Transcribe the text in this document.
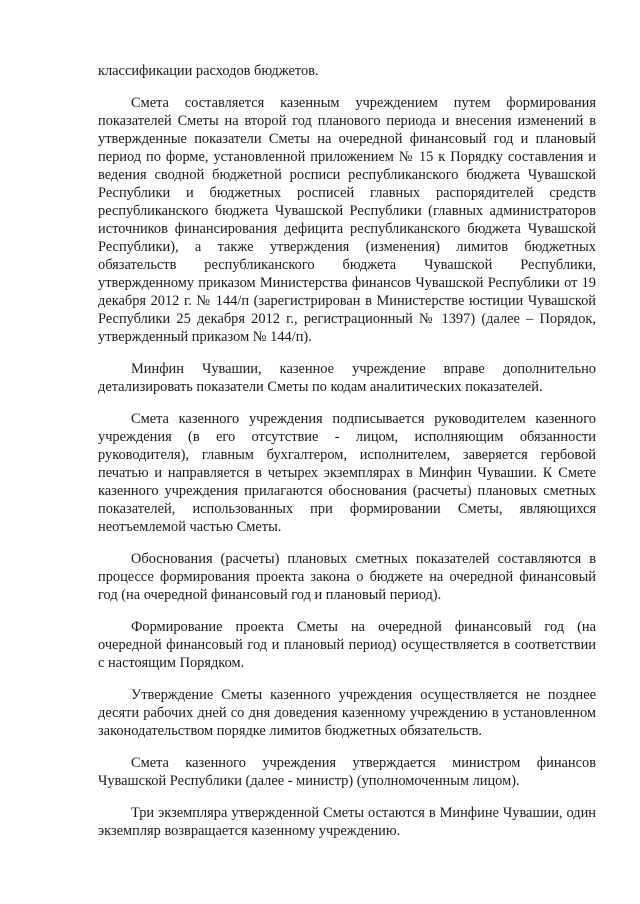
классификации расходов бюджетов.

Смета составляется казенным учреждением путем формирования показателей Сметы на второй год планового периода и внесения изменений в утвержденные показатели Сметы на очередной финансовый год и плановый период по форме, установленной приложением № 15 к Порядку составления и ведения сводной бюджетной росписи республиканского бюджета Чувашской Республики и бюджетных росписей главных распорядителей средств республиканского бюджета Чувашской Республики (главных администраторов источников финансирования дефицита республиканского бюджета Чувашской Республики), а также утверждения (изменения) лимитов бюджетных обязательств республиканского бюджета Чувашской Республики, утвержденному приказом Министерства финансов Чувашской Республики от 19 декабря 2012 г. № 144/п (зарегистрирован в Министерстве юстиции Чувашской Республики 25 декабря 2012 г., регистрационный № 1397) (далее – Порядок, утвержденный приказом № 144/п).

Минфин Чувашии, казенное учреждение вправе дополнительно детализировать показатели Сметы по кодам аналитических показателей.

Смета казенного учреждения подписывается руководителем казенного учреждения (в его отсутствие - лицом, исполняющим обязанности руководителя), главным бухгалтером, исполнителем, заверяется гербовой печатью и направляется в четырех экземплярах в Минфин Чувашии. К Смете казенного учреждения прилагаются обоснования (расчеты) плановых сметных показателей, использованных при формировании Сметы, являющихся неотъемлемой частью Сметы.

Обоснования (расчеты) плановых сметных показателей составляются в процессе формирования проекта закона о бюджете на очередной финансовый год (на очередной финансовый год и плановый период).

Формирование проекта Сметы на очередной финансовый год (на очередной финансовый год и плановый период) осуществляется в соответствии с настоящим Порядком.

Утверждение Сметы казенного учреждения осуществляется не позднее десяти рабочих дней со дня доведения казенному учреждению в установленном законодательством порядке лимитов бюджетных обязательств.

Смета казенного учреждения утверждается министром финансов Чувашской Республики (далее - министр) (уполномоченным лицом).

Три экземпляра утвержденной Сметы остаются в Минфине Чувашии, один экземпляр возвращается казенному учреждению.
